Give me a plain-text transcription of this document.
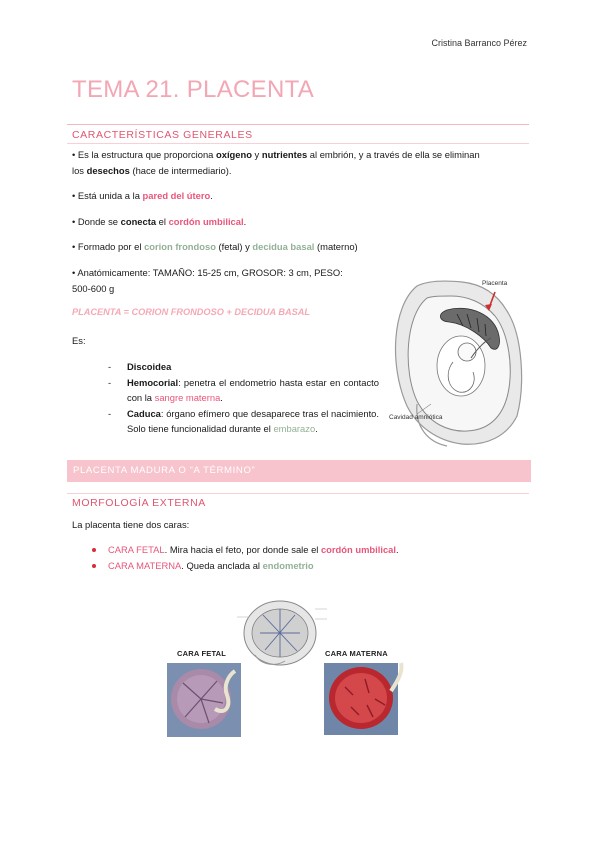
Cristina Barranco Pérez
TEMA 21. PLACENTA
CARACTERÍSTICAS GENERALES
• Es la estructura que proporciona oxígeno y nutrientes al embrión, y a través de ella se eliminan
los desechos (hace de intermediario).
• Está unida a la pared del útero.
• Donde se conecta el cordón umbilical.
• Formado por el corion frondoso (fetal) y decidua basal (materno)
• Anatómicamente: TAMAÑO: 15-25 cm, GROSOR: 3 cm, PESO:
500-600 g
PLACENTA = CORION FRONDOSO + DECIDUA BASAL
Es:
- Discoidea
- Hemocorial: penetra el endometrio hasta estar en contacto con la sangre materna.
- Caduca: órgano efímero que desaparece tras el nacimiento. Solo tiene funcionalidad durante el embarazo.
Placenta
Cavidad amniótica
PLACENTA MADURA O “A TÉRMINO”
MORFOLOGÍA EXTERNA
La placenta tiene dos caras:
CARA FETAL. Mira hacia el feto, por donde sale el cordón umbilical.
CARA MATERNA. Queda anclada al endometrio
CARA FETAL	CARA MATERNA
